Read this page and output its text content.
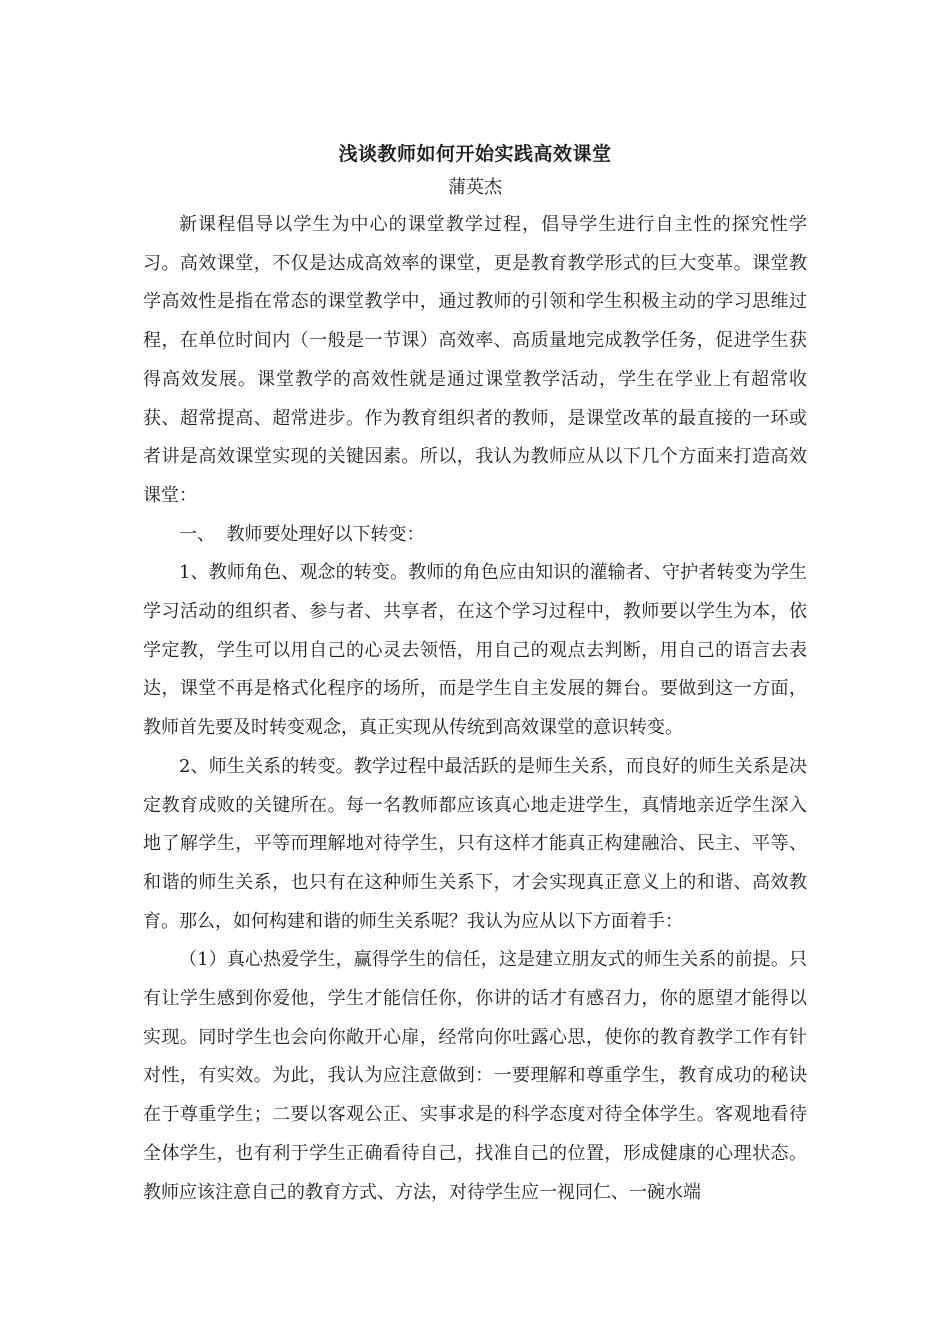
浅谈教师如何开始实践高效课堂

蒲英杰

新课程倡导以学生为中心的课堂教学过程，倡导学生进行自主性的探究性学习。高效课堂，不仅是达成高效率的课堂，更是教育教学形式的巨大变革。课堂教学高效性是指在常态的课堂教学中，通过教师的引领和学生积极主动的学习思维过程，在单位时间内（一般是一节课）高效率、高质量地完成教学任务，促进学生获得高效发展。课堂教学的高效性就是通过课堂教学活动，学生在学业上有超常收获、超常提高、超常进步。作为教育组织者的教师，是课堂改革的最直接的一环或者讲是高效课堂实现的关键因素。所以，我认为教师应从以下几个方面来打造高效课堂：

一、  教师要处理好以下转变：

1、教师角色、观念的转变。教师的角色应由知识的灌输者、守护者转变为学生学习活动的组织者、参与者、共享者，在这个学习过程中，教师要以学生为本，依学定教，学生可以用自己的心灵去领悟，用自己的观点去判断，用自己的语言去表达，课堂不再是格式化程序的场所，而是学生自主发展的舞台。要做到这一方面，教师首先要及时转变观念，真正实现从传统到高效课堂的意识转变。

2、师生关系的转变。教学过程中最活跃的是师生关系，而良好的师生关系是决定教育成败的关键所在。每一名教师都应该真心地走进学生，真情地亲近学生深入地了解学生，平等而理解地对待学生，只有这样才能真正构建融洽、民主、平等、和谐的师生关系，也只有在这种师生关系下，才会实现真正意义上的和谐、高效教育。那么，如何构建和谐的师生关系呢？我认为应从以下方面着手：

（1）真心热爱学生，赢得学生的信任，这是建立朋友式的师生关系的前提。只有让学生感到你爱他，学生才能信任你，你讲的话才有感召力，你的愿望才能得以实现。同时学生也会向你敞开心扉，经常向你吐露心思，使你的教育教学工作有针对性，有实效。为此，我认为应注意做到：一要理解和尊重学生，教育成功的秘诀在于尊重学生；二要以客观公正、实事求是的科学态度对待全体学生。客观地看待全体学生，也有利于学生正确看待自己，找准自己的位置，形成健康的心理状态。 教师应该注意自己的教育方式、方法，对待学生应一视同仁、一碗水端
